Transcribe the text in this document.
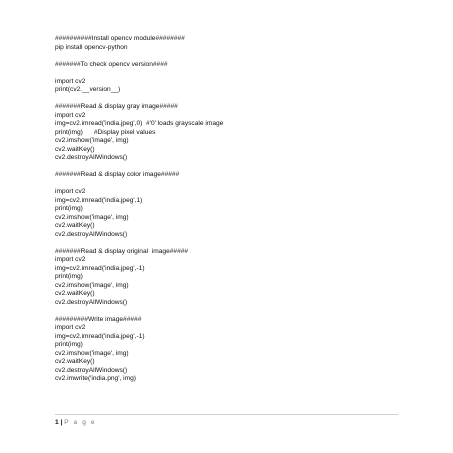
##########Install opencv module########
pip install opencv-python
#######To check opencv version####
import cv2
print(cv2.__version__)
#######Read & display gray image#####
import cv2
img=cv2.imread('india.jpeg',0)  #'0' loads grayscale image
print(img)      #Display pixel values
cv2.imshow('image', img)
cv2.waitKey()
cv2.destroyAllWindows()
#######Read & display color image#####
import cv2
img=cv2.imread('india.jpeg',1)
print(img)
cv2.imshow('image', img)
cv2.waitKey()
cv2.destroyAllWindows()
#######Read & display original  image#####
import cv2
img=cv2.imread('india.jpeg',-1)
print(img)
cv2.imshow('image', img)
cv2.waitKey()
cv2.destroyAllWindows()
#########Write image#####
import cv2
img=cv2.imread('india.jpeg',-1)
print(img)
cv2.imshow('image', img)
cv2.waitKey()
cv2.destroyAllWindows()
cv2.imwrite('india.png', img)
1 | P a g e
